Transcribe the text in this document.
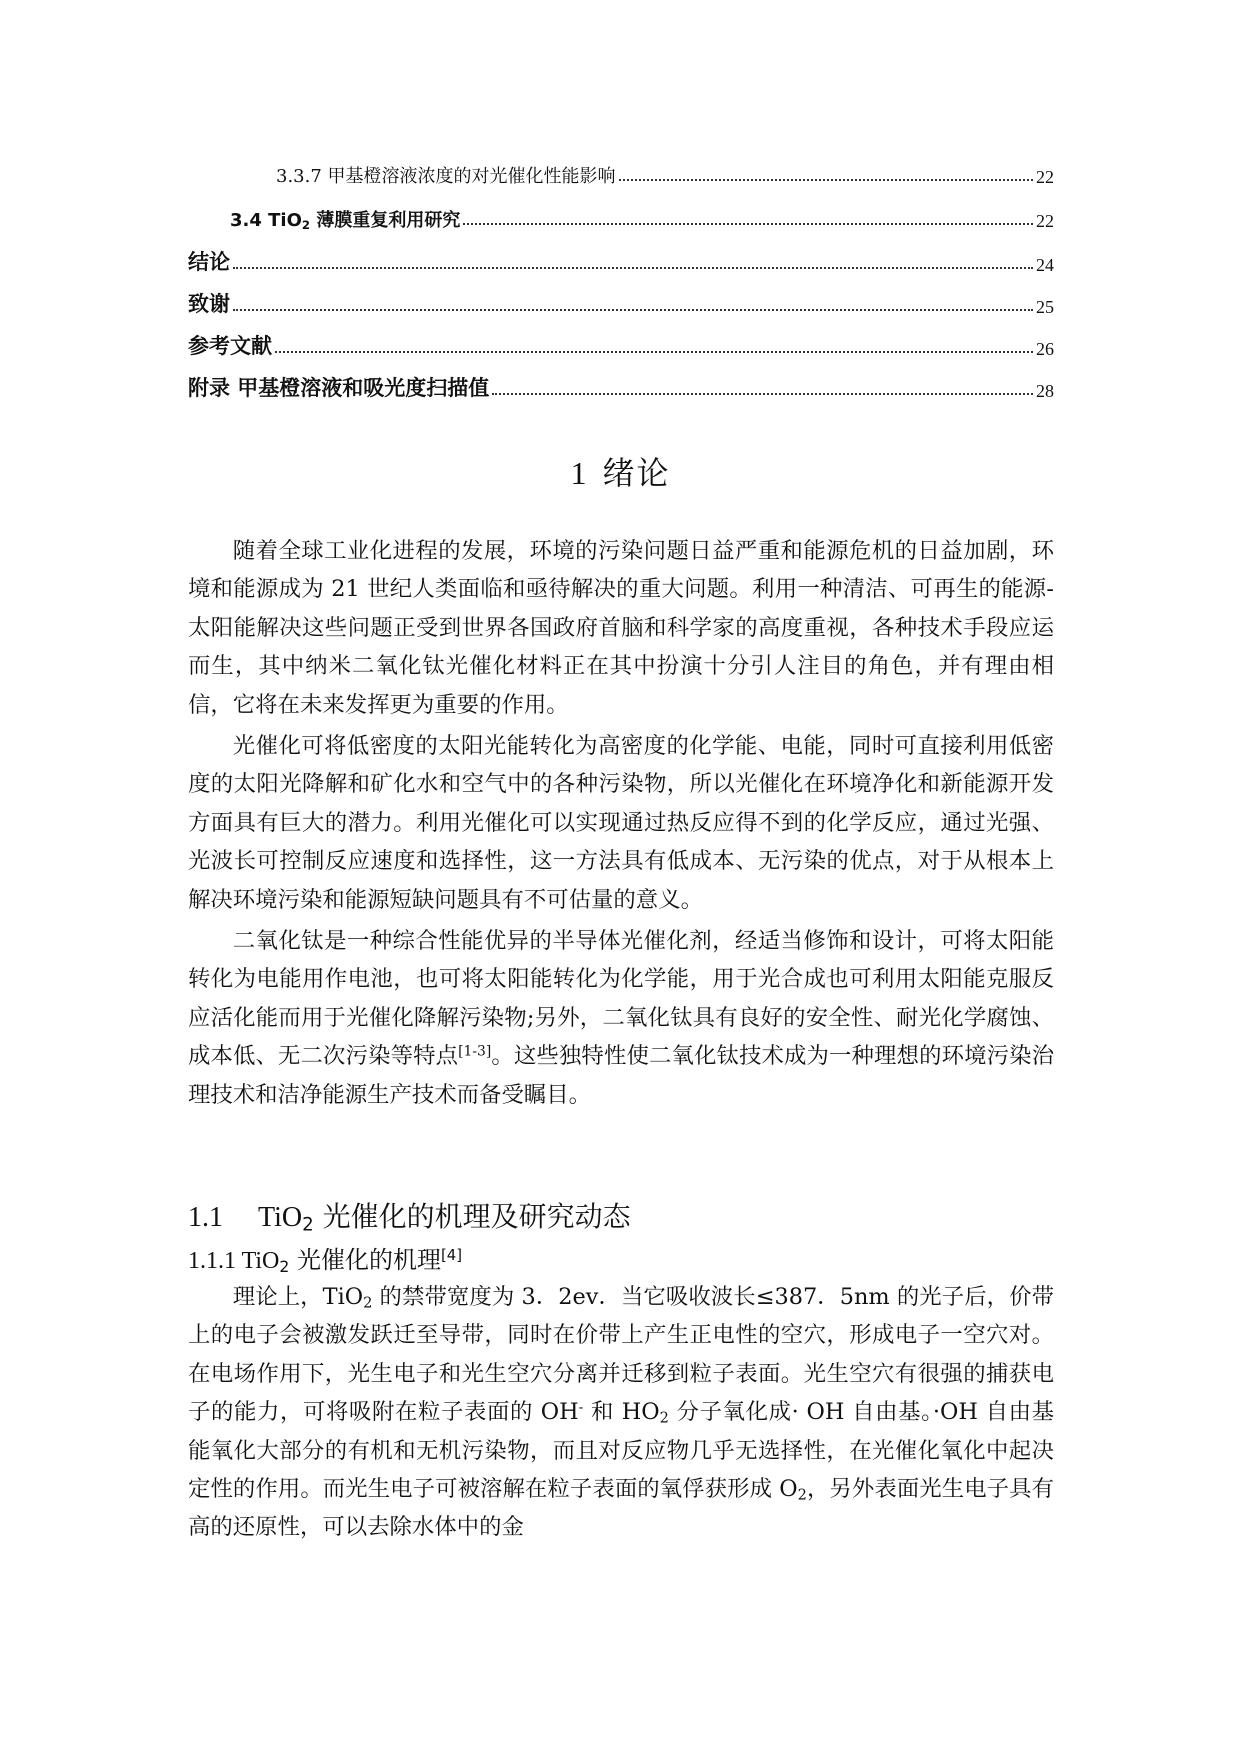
3.3.7 甲基橙溶液浓度的对光催化性能影响	22
3.4 TiO$_2$ 薄膜重复利用研究	22
结论	24
致谢	25
参考文献	26
附录 甲基橙溶液和吸光度扫描值	28
1 绪论

随着全球工业化进程的发展，环境的污染问题日益严重和能源危机的日益加剧，环境和能源成为 21 世纪人类面临和亟待解决的重大问题。利用一种清洁、可再生的能源-太阳能解决这些问题正受到世界各国政府首脑和科学家的高度重视，各种技术手段应运而生，其中纳米二氧化钛光催化材料正在其中扮演十分引人注目的角色，并有理由相信，它将在未来发挥更为重要的作用。

光催化可将低密度的太阳光能转化为高密度的化学能、电能，同时可直接利用低密度的太阳光降解和矿化水和空气中的各种污染物，所以光催化在环境净化和新能源开发方面具有巨大的潜力。利用光催化可以实现通过热反应得不到的化学反应，通过光强、光波长可控制反应速度和选择性，这一方法具有低成本、无污染的优点，对于从根本上解决环境污染和能源短缺问题具有不可估量的意义。

二氧化钛是一种综合性能优异的半导体光催化剂，经适当修饰和设计，可将太阳能转化为电能用作电池，也可将太阳能转化为化学能，用于光合成也可利用太阳能克服反应活化能而用于光催化降解污染物;另外，二氧化钛具有良好的安全性、耐光化学腐蚀、成本低、无二次污染等特点[1-3]。这些独特性使二氧化钛技术成为一种理想的环境污染治理技术和洁净能源生产技术而备受瞩目。

1.1 TiO$_2$ 光催化的机理及研究动态
1.1.1 TiO$_2$ 光催化的机理[4]

理论上，TiO$_2$ 的禁带宽度为 3．2ev．当它吸收波长≤387．5nm 的光子后，价带上的电子会被激发跃迁至导带，同时在价带上产生正电性的空穴，形成电子一空穴对。在电场作用下，光生电子和光生空穴分离并迁移到粒子表面。光生空穴有很强的捕获电子的能力，可将吸附在粒子表面的 OH- 和 $HO_2$ 分子氧化成· OH 自由基。·OH 自由基能氧化大部分的有机和无机污染物，而且对反应物几乎无选择性，在光催化氧化中起决定性的作用。而光生电子可被溶解在粒子表面的氧俘获形成 $O_2$，另外表面光生电子具有高的还原性，可以去除水体中的金
